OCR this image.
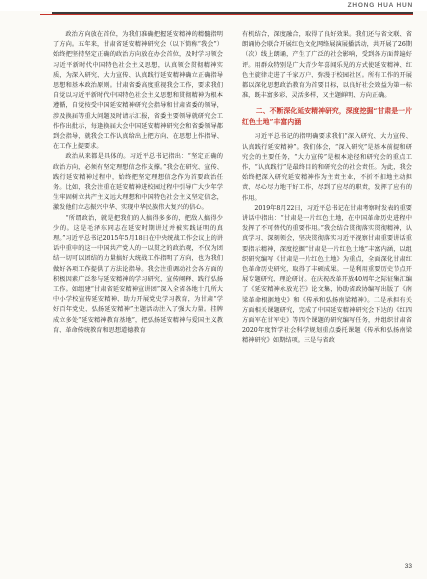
ZHONG HUA HUN

政治方向放在首位，为我们准确把握延安精神的精髓指明了方向。五年来，甘肃省延安精神研究会（以下简称“我会”）始终把坚持坚定正确的政治方向放在办会首位，及时学习领会习近平新时代中国特色社会主义思想，认真领会贯彻精神实质，为深入研究、大力宣传、认真践行延安精神确立正确指导思想和基本政治原则。甘肃省委高度重视我会工作，要求我们自觉以习近平新时代中国特色社会主义思想和贯彻精神为根本遵循，自觉按受中国延安精神研究会指导和甘肃省委的领导，涉及换届等重大问题及时请示汇报，省委主要领导就研究会工作作出批示，每逢换届大会中国延安精神研究会和省委领导都到会指导，就我会工作认真给出上把方向、在思想上作指导、在工作上提要求。

政治从来都是具体的。习近平总书记指出：“坚定正确的政治方向，必须有坚定理想信念作支撑。”我会在研究、宣传、践行延安精神过程中，始终把坚定理想信念作为首要政治任务。比如，我会注重在延安精神进校园过程中引导广大少年学生牢固树立共产主义远大理想和中国特色社会主义坚定信念，激发他们立志振兴中华、实现中华民族伟大复兴的信心。

“所谓政治，就是把我们的人搞得多多的，把敌人搞得少少的。这是毛泽东同志在延安时期讲过并被实践证明的真理。”习近平总书记2015年5月18日在中央统战工作会议上的讲话中重申的这一中国共产党人的一以贯之的政治观，不仅为团结一切可以团结的力量搞好大统战工作指明了方向，也为我们做好各项工作提供了方法论指导。我会注重调动社会各方面的积极因素广泛参与延安精神的学习研究、宣传阐释、践行弘扬工作。如组建“甘肃省延安精神宣讲团”深入全省各地十几所大中小学校宣传延安精神、助力开展党史学习教育，为甘肃“学好百年党史、弘扬延安精神”主题活动注入了强大力量。挂牌成立多处“延安精神教育基地”，把弘扬延安精神与爱国主义教育、革命传统教育和思想道德教育

有机结合，深度融合，取得了良好效果。我们还与省文联、省朗诵协会联合开展红色文化网络展演展播活动，共开展了26期（次）线上朗诵，产生了广泛的社会影响，受到各方面普遍好评。用群众特别是广大青少年喜闻乐见的方式使延安精神、红色主旋律走进了千家万户、弥漫于校园社区。所有工作的开展都以深化思想政治教育为首要目标，以良好社会效益为第一标准，既丰富多彩、灵活多样，又主题鲜明、方向正确。

二、不断深化延安精神研究，深度挖掘“甘肃是一片红色土地”丰富内涵

习近平总书记的指明确要求我们“深入研究、大力宣传、认真践行延安精神”。我们体会，“深入研究”是基本前提和研究会的主要任务，“大力宣传”是根本途径和研究会的重点工作，“认真践行”是最终目的和研究会的社会责任。为此，我会始终把深入研究延安精神作为主责主业，不折不扣地主动担责、尽心尽力地干好工作，尽到了应尽的职责，发挥了应有的作用。

2019年8月22日，习近平总书记在甘肃考察时发表的重要讲话中指出：“甘肃是一片红色土地，在中国革命历史进程中发挥了不可替代的重要作用。”我会结合贯彻落实贯彻精神，认真学习、深刻领会，坚决贯彻落实习近平视察甘肃重要讲话重要指示精神，深度挖掘“甘肃是一片红色土地”丰富内涵，以组织研究编写《甘肃是一片红色土地》为重点，全面深化甘肃红色革命历史研究，取得了丰硕成果。一是利用重要历史节点开展专题研究、理论研讨。在庆祝改革开放40周年之际征集汇编了《延安精神永放光芒》论文集，协助省政协编写出版了《南梁革命根据地史》和《传承和弘扬南梁精神》。二是承担有关方面相关课题研究，完成了中国延安精神研究会下达的《红四方面军在甘军史》等四个课题的研究编写任务，并组织甘肃省2020年度哲学社会科学规划重点委托课题《传承和弘扬南梁精神研究》如期结项。三是与省政

33
